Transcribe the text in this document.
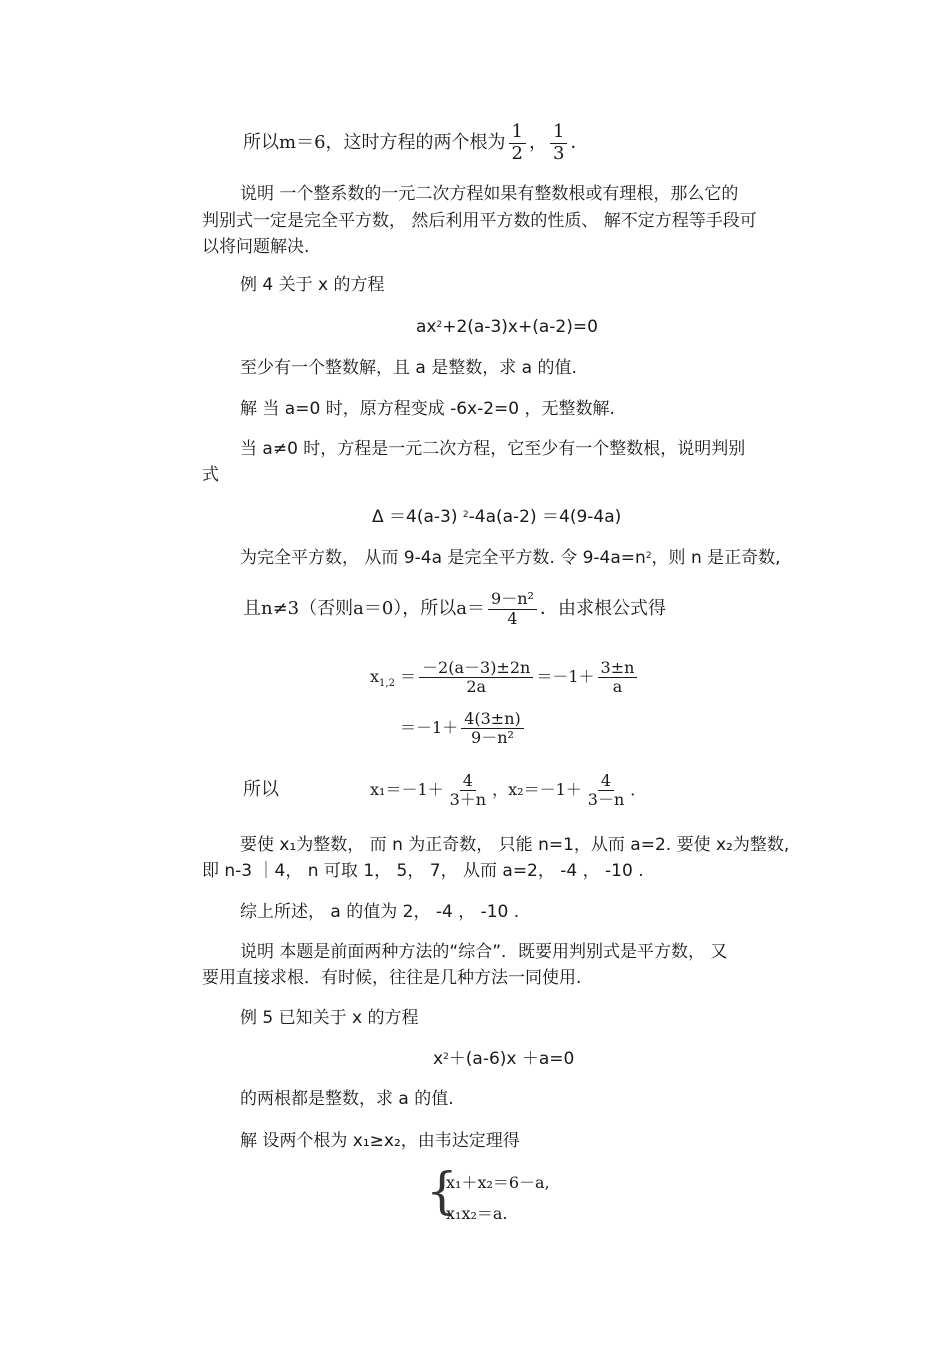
所以m＝6，这时方程的两个根为 $\frac{1}{2}$ ， $\frac{1}{3}$ ．
说明 一个整系数的一元二次方程如果有整数根或有理根，那么它的
判别式一定是完全平方数， 然后利用平方数的性质、 解不定方程等手段可
以将问题解决.
例 4 关于 x 的方程
$ax^2+2(a-3)x+(a-2)=0$
至少有一个整数解，且 a 是整数，求 a 的值.
解 当 a=0 时，原方程变成 -6x-2=0 ，无整数解.
当 a≠0 时，方程是一元二次方程，它至少有一个整数根，说明判别
式
Δ ＝4(a-3) $^2$-4a(a-2) ＝4(9-4a)
为完全平方数， 从而 9-4a 是完全平方数. 令 $9-4a=n^2$，则 n 是正奇数,
且n≠3（否则a＝0），所以$a= \frac{\text{9－n²}}{4}$ ．由求根公式得
$x_{1,2} = \frac{-2(a-3)\pm 2n}{2a} =-1+ \frac{3\pm n}{a}$
$=-1+ \frac{4(3\pm n)}{\text{9－n²}}$
所以	$x_1=-1+ \frac{4}{3+n}$ ，$x_2=-1+ \frac{4}{3-n}$ ．
要使 x₁为整数， 而 n 为正奇数， 只能 n=1，从而 a=2. 要使 x₂为整数,
即 n-3 ｜4， n 可取 1， 5， 7， 从而 a=2， -4 ， -10 .
综上所述， a 的值为 2， -4 ， -10 .
说明 本题是前面两种方法的“综合”．既要用判别式是平方数， 又
要用直接求根．有时候，往往是几种方法一同使用.
例 5 已知关于 x 的方程
$x^2+(a-6)x +a=0$
的两根都是整数，求 a 的值.
解 设两个根为 x₁≥x₂，由韦达定理得
{
x₁＋x₂＝6－a,
x₁x₂＝a.
